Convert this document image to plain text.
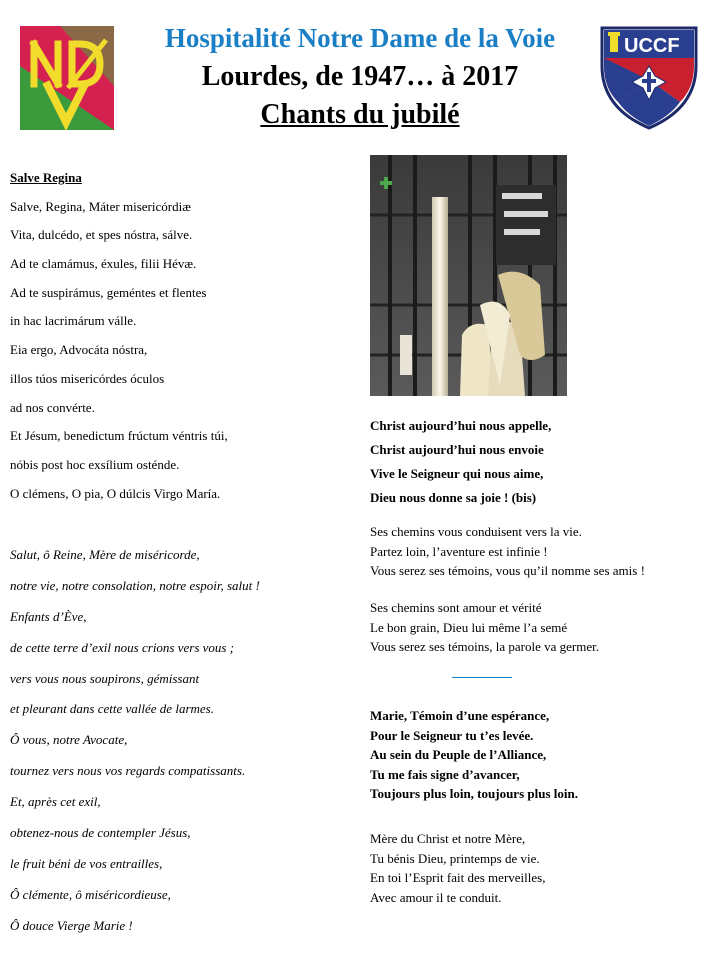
Hospitalité Notre Dame de la Voie
Lourdes, de 1947… à 2017
Chants du jubilé
UCCF
Salve Regina
Salve, Regina, Máter misericórdiæ
Vita, dulcédo, et spes nóstra, sálve.
Ad te clamámus, éxules, filii Hévæ.
Ad te suspirámus, geméntes et flentes
in hac lacrimárum válle.
Eia ergo, Advocáta nóstra,
illos túos misericórdes óculos
ad nos convérte.
Et Jésum, benedictum frúctum véntris túi,
nóbis post hoc exsílium osténde.
O clémens, O pia, O dúlcis Virgo María.
Salut, ô Reine, Mère de miséricorde,
notre vie, notre consolation, notre espoir, salut !
Enfants d’Ève,
de cette terre d’exil nous crions vers vous ;
vers vous nous soupirons, gémissant
et pleurant dans cette vallée de larmes.
Ô vous, notre Avocate,
tournez vers nous vos regards compatissants.
Et, après cet exil,
obtenez-nous de contempler Jésus,
le fruit béni de vos entrailles,
Ô clémente, ô miséricordieuse,
Ô douce Vierge Marie !
Christ aujourd’hui nous appelle,
Christ aujourd’hui nous envoie
Vive le Seigneur qui nous aime,
Dieu nous donne sa joie ! (bis)
Ses chemins vous conduisent vers la vie.
Partez loin, l’aventure est infinie !
Vous serez ses témoins, vous qu’il nomme ses amis !
Ses chemins sont amour et vérité
Le bon grain, Dieu lui même l’a semé
Vous serez ses témoins, la parole va germer.
Marie, Témoin d’une espérance,
Pour le Seigneur tu t’es levée.
Au sein du Peuple de l’Alliance,
Tu me fais signe d’avancer,
Toujours plus loin, toujours plus loin.
Mère du Christ et notre Mère,
Tu bénis Dieu, printemps de vie.
En toi l’Esprit fait des merveilles,
Avec amour il te conduit.
